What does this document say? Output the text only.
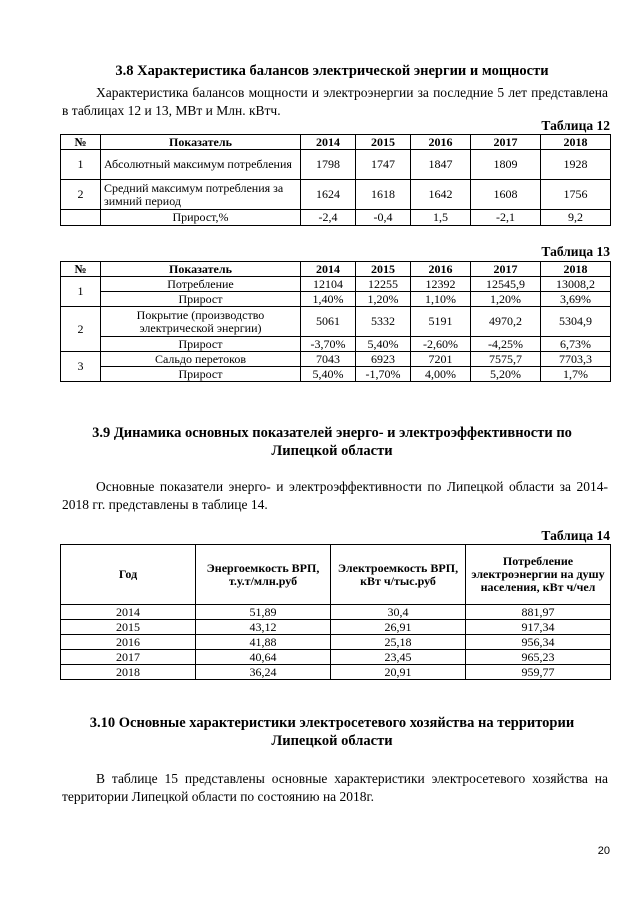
3.8 Характеристика балансов электрической энергии и мощности
Характеристика балансов мощности и электроэнергии за последние 5 лет представлена в таблицах 12 и 13, МВт и Млн. кВтч.
Таблица 12
№	Показатель	2014	2015	2016	2017	2018
1	Абсолютный максимум потребления	1798	1747	1847	1809	1928
2	Средний максимум потребления за зимний период	1624	1618	1642	1608	1756
	Прирост,%	-2,4	-0,4	1,5	-2,1	9,2
Таблица 13
№	Показатель	2014	2015	2016	2017	2018
1	Потребление	12104	12255	12392	12545,9	13008,2
	Прирост	1,40%	1,20%	1,10%	1,20%	3,69%
2	Покрытие (производство электрической энергии)	5061	5332	5191	4970,2	5304,9
	Прирост	-3,70%	5,40%	-2,60%	-4,25%	6,73%
3	Сальдо перетоков	7043	6923	7201	7575,7	7703,3
	Прирост	5,40%	-1,70%	4,00%	5,20%	1,7%
3.9 Динамика основных показателей энерго- и электроэффективности по Липецкой области
Основные показатели энерго- и электроэффективности по Липецкой области за 2014-2018 гг. представлены в таблице 14.
Таблица 14
Год	Энергоемкость ВРП, т.у.т/млн.руб	Электроемкость ВРП, кВт ч/тыс.руб	Потребление электроэнергии на душу населения, кВт ч/чел
2014	51,89	30,4	881,97
2015	43,12	26,91	917,34
2016	41,88	25,18	956,34
2017	40,64	23,45	965,23
2018	36,24	20,91	959,77
3.10 Основные характеристики электросетевого хозяйства на территории Липецкой области
В таблице 15 представлены основные характеристики электросетевого хозяйства на территории Липецкой области по состоянию на 2018г.
20
